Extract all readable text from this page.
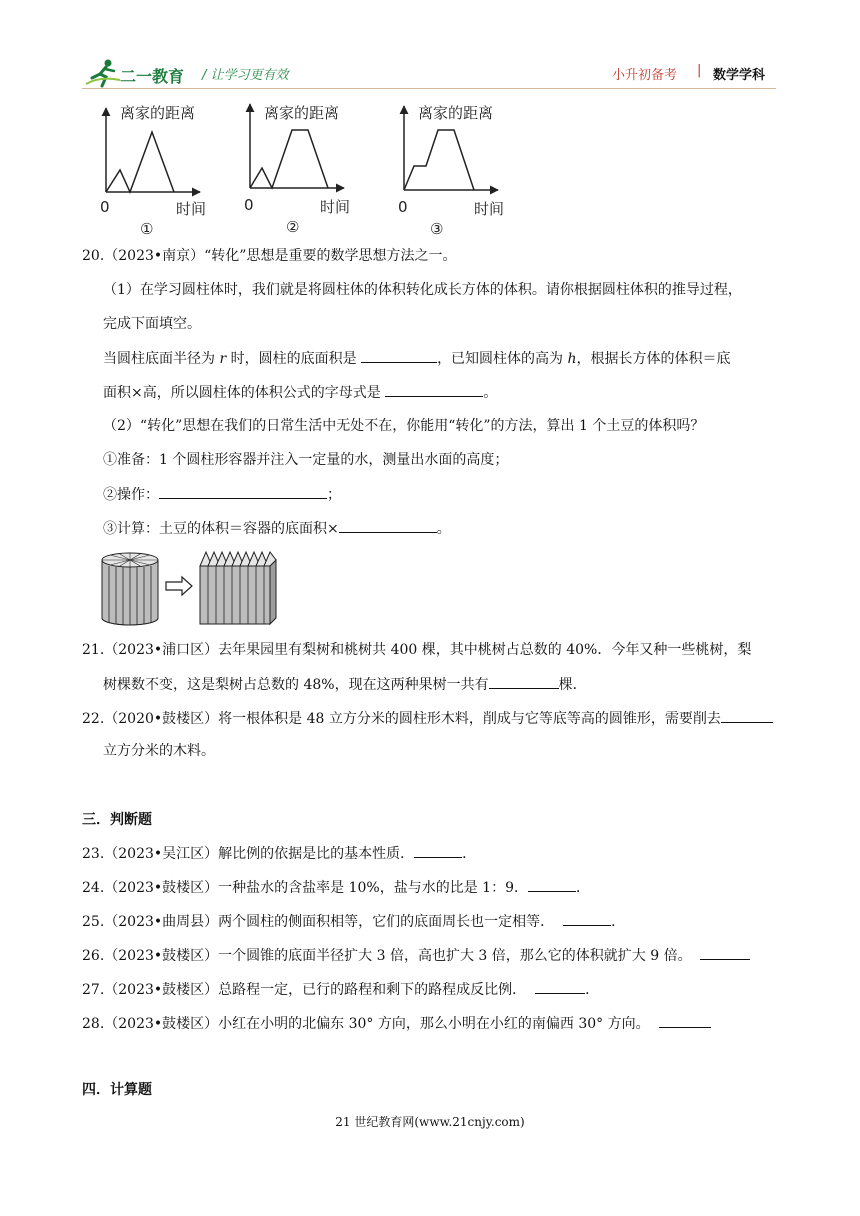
二一教育 / 让学习更有效	小升初备考 | 数学学科
离家的距离
0	时间
①
离家的距离
0	时间
②
离家的距离
0	时间
③
20.（2023•南京）“转化”思想是重要的数学思想方法之一。
（1）在学习圆柱体时，我们就是将圆柱体的体积转化成长方体的体积。请你根据圆柱体积的推导过程，
完成下面填空。
当圆柱底面半径为 r 时，圆柱的底面积是	，已知圆柱体的高为 h，根据长方体的体积＝底
面积×高，所以圆柱体的体积公式的字母式是	。
（2）“转化”思想在我们的日常生活中无处不在，你能用“转化”的方法，算出 1 个土豆的体积吗？
①准备：1 个圆柱形容器并注入一定量的水，测量出水面的高度；
②操作：	；
③计算：土豆的体积＝容器的底面积×	。
21.（2023•浦口区）去年果园里有梨树和桃树共 400 棵，其中桃树占总数的 40%．今年又种一些桃树，梨
树棵数不变，这是梨树占总数的 48%，现在这两种果树一共有	棵．
22.（2020•鼓楼区）将一根体积是 48 立方分米的圆柱形木料，削成与它等底等高的圆锥形，需要削去
立方分米的木料。
三．判断题
23.（2023•吴江区）解比例的依据是比的基本性质．	．
24.（2023•鼓楼区）一种盐水的含盐率是 10%，盐与水的比是 1：9．	．
25.（2023•曲周县）两个圆柱的侧面积相等，它们的底面周长也一定相等．	．
26.（2023•鼓楼区）一个圆锥的底面半径扩大 3 倍，高也扩大 3 倍，那么它的体积就扩大 9 倍。
27.（2023•鼓楼区）总路程一定，已行的路程和剩下的路程成反比例．	．
28.（2023•鼓楼区）小红在小明的北偏东 30° 方向，那么小明在小红的南偏西 30° 方向。
四．计算题
21 世纪教育网(www.21cnjy.com)
